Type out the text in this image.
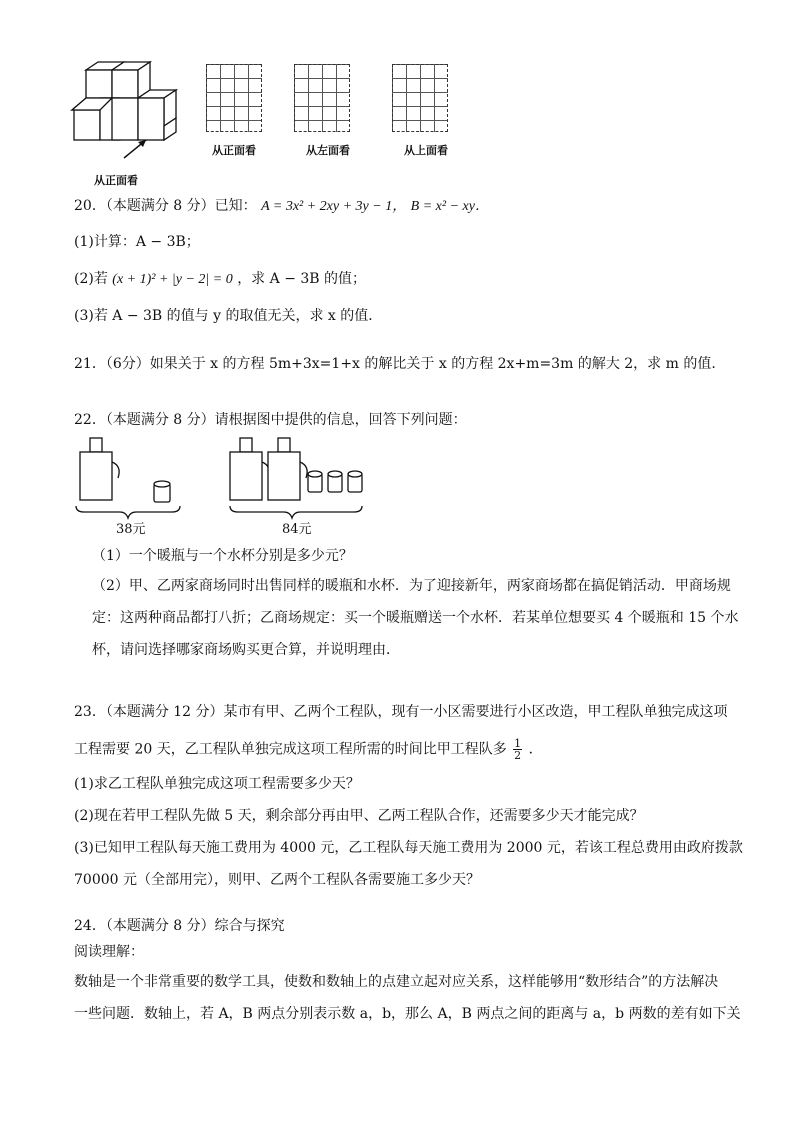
从正面看
从正面看	从左面看	从上面看
20．（本题满分 8 分）已知： A = 3x² + 2xy + 3y − 1， B = x² − xy．
(1)计算：A − 3B；
(2)若 (x + 1)² + |y − 2| = 0 ，求 A − 3B 的值；
(3)若 A − 3B 的值与 y 的取值无关，求 x 的值．
21．（6分）如果关于 x 的方程 5m+3x=1+x 的解比关于 x 的方程 2x+m=3m 的解大 2，求 m 的值.
22．（本题满分 8 分）请根据图中提供的信息，回答下列问题：
38元	84元
（1）一个暖瓶与一个水杯分别是多少元？
（2）甲、乙两家商场同时出售同样的暖瓶和水杯．为了迎接新年，两家商场都在搞促销活动．甲商场规
定：这两种商品都打八折；乙商场规定：买一个暖瓶赠送一个水杯．若某单位想要买 4 个暖瓶和 15 个水
杯，请问选择哪家商场购买更合算，并说明理由．
23．（本题满分 12 分）某市有甲、乙两个工程队，现有一小区需要进行小区改造，甲工程队单独完成这项
工程需要 20 天，乙工程队单独完成这项工程所需的时间比甲工程队多 $\frac{1}{2}$ ．
(1)求乙工程队单独完成这项工程需要多少天？
(2)现在若甲工程队先做 5 天，剩余部分再由甲、乙两工程队合作，还需要多少天才能完成？
(3)已知甲工程队每天施工费用为 4000 元，乙工程队每天施工费用为 2000 元，若该工程总费用由政府拨款
70000 元（全部用完），则甲、乙两个工程队各需要施工多少天？
24．（本题满分 8 分）综合与探究
阅读理解：
数轴是一个非常重要的数学工具，使数和数轴上的点建立起对应关系，这样能够用“数形结合”的方法解决
一些问题．数轴上，若 A，B 两点分别表示数 a，b，那么 A，B 两点之间的距离与 a，b 两数的差有如下关
